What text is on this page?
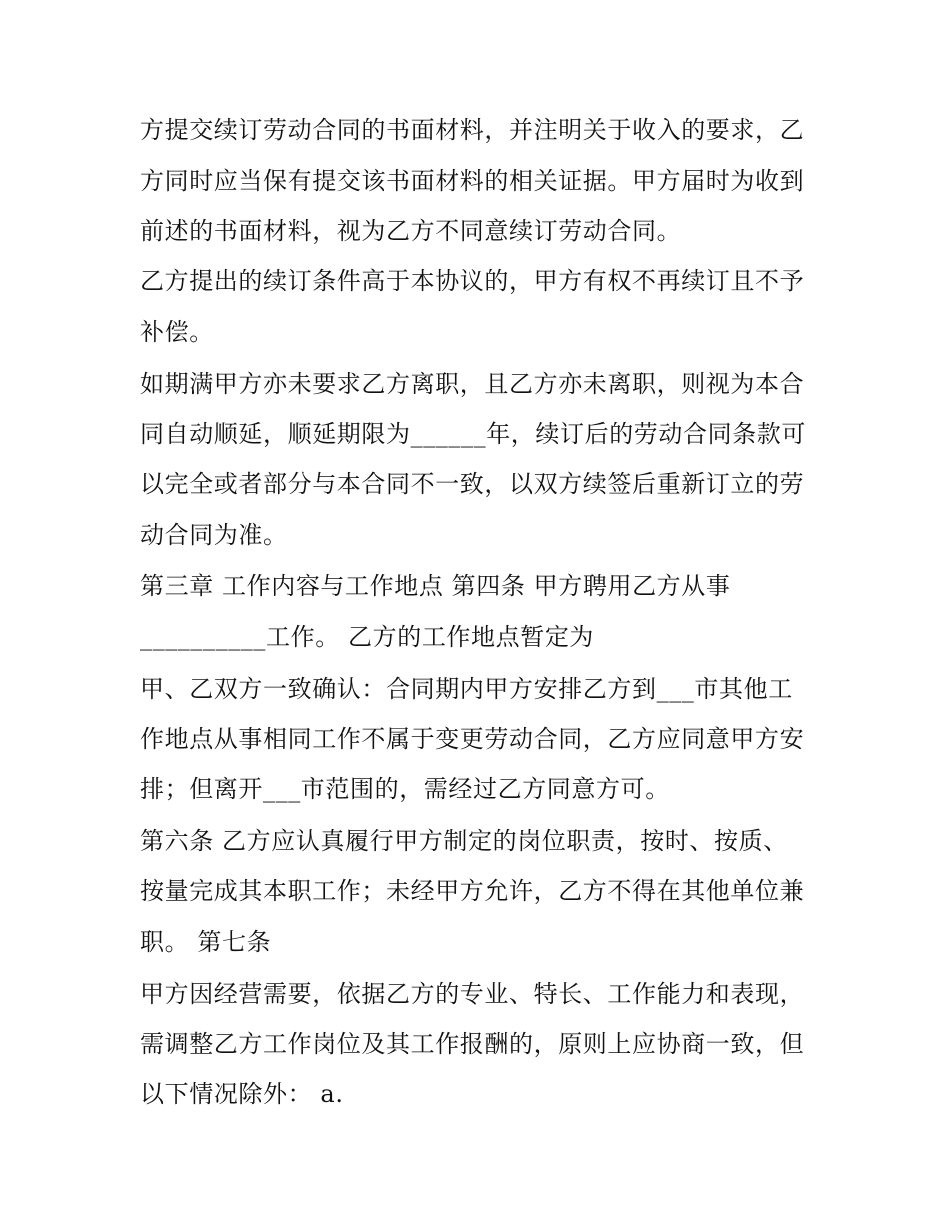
方提交续订劳动合同的书面材料，并注明关于收入的要求，乙
方同时应当保有提交该书面材料的相关证据。甲方届时为收到
前述的书面材料，视为乙方不同意续订劳动合同。
乙方提出的续订条件高于本协议的，甲方有权不再续订且不予
补偿。
如期满甲方亦未要求乙方离职，且乙方亦未离职，则视为本合
同自动顺延，顺延期限为______年，续订后的劳动合同条款可
以完全或者部分与本合同不一致，以双方续签后重新订立的劳
动合同为准。
第三章 工作内容与工作地点 第四条 甲方聘用乙方从事
__________工作。 乙方的工作地点暂定为
甲、乙双方一致确认：合同期内甲方安排乙方到___市其他工
作地点从事相同工作不属于变更劳动合同，乙方应同意甲方安
排；但离开___市范围的，需经过乙方同意方可。
第六条 乙方应认真履行甲方制定的岗位职责，按时、按质、
按量完成其本职工作；未经甲方允许，乙方不得在其他单位兼
职。 第七条
甲方因经营需要，依据乙方的专业、特长、工作能力和表现，
需调整乙方工作岗位及其工作报酬的，原则上应协商一致，但
以下情况除外： a.
